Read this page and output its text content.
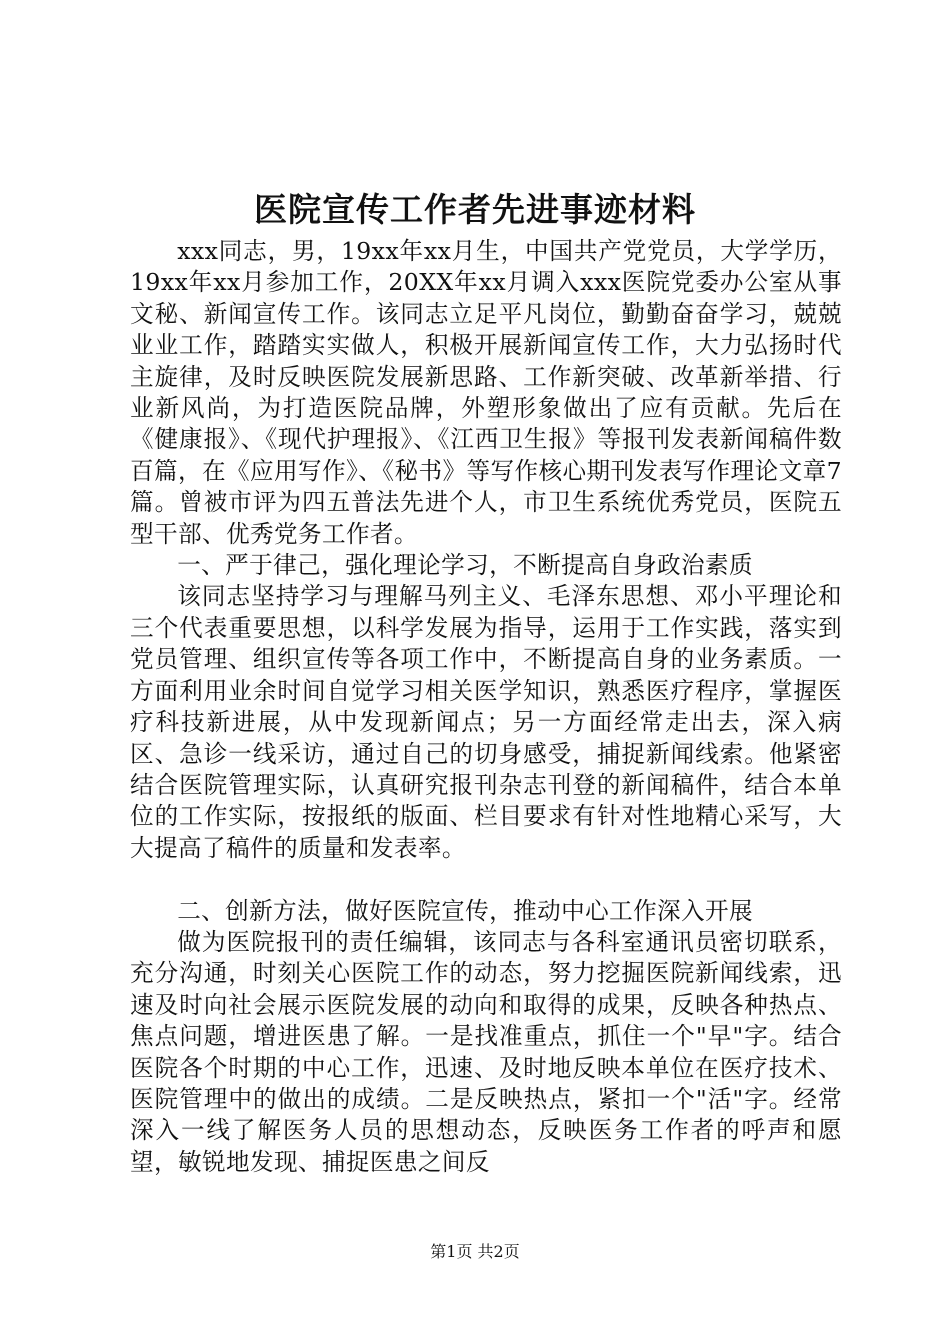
医院宣传工作者先进事迹材料

xxx同志，男，19xx年xx月生，中国共产党党员，大学学历，19xx年xx月参加工作，20XX年xx月调入xxx医院党委办公室从事文秘、新闻宣传工作。该同志立足平凡岗位，勤勤奋奋学习，兢兢业业工作，踏踏实实做人，积极开展新闻宣传工作，大力弘扬时代主旋律，及时反映医院发展新思路、工作新突破、改革新举措、行业新风尚，为打造医院品牌，外塑形象做出了应有贡献。先后在《健康报》、《现代护理报》、《江西卫生报》等报刊发表新闻稿件数百篇，在《应用写作》、《秘书》等写作核心期刊发表写作理论文章7篇。曾被市评为四五普法先进个人，市卫生系统优秀党员，医院五型干部、优秀党务工作者。

一、严于律己，强化理论学习，不断提高自身政治素质

该同志坚持学习与理解马列主义、毛泽东思想、邓小平理论和三个代表重要思想，以科学发展为指导，运用于工作实践，落实到党员管理、组织宣传等各项工作中，不断提高自身的业务素质。一方面利用业余时间自觉学习相关医学知识，熟悉医疗程序，掌握医疗科技新进展，从中发现新闻点；另一方面经常走出去，深入病区、急诊一线采访，通过自己的切身感受，捕捉新闻线索。他紧密结合医院管理实际，认真研究报刊杂志刊登的新闻稿件，结合本单位的工作实际，按报纸的版面、栏目要求有针对性地精心采写，大大提高了稿件的质量和发表率。

二、创新方法，做好医院宣传，推动中心工作深入开展

做为医院报刊的责任编辑，该同志与各科室通讯员密切联系，充分沟通，时刻关心医院工作的动态，努力挖掘医院新闻线索，迅速及时向社会展示医院发展的动向和取得的成果，反映各种热点、焦点问题，增进医患了解。一是找准重点，抓住一个"早"字。结合医院各个时期的中心工作，迅速、及时地反映本单位在医疗技术、医院管理中的做出的成绩。二是反映热点，紧扣一个"活"字。经常深入一线了解医务人员的思想动态，反映医务工作者的呼声和愿望，敏锐地发现、捕捉医患之间反

第1页 共2页
